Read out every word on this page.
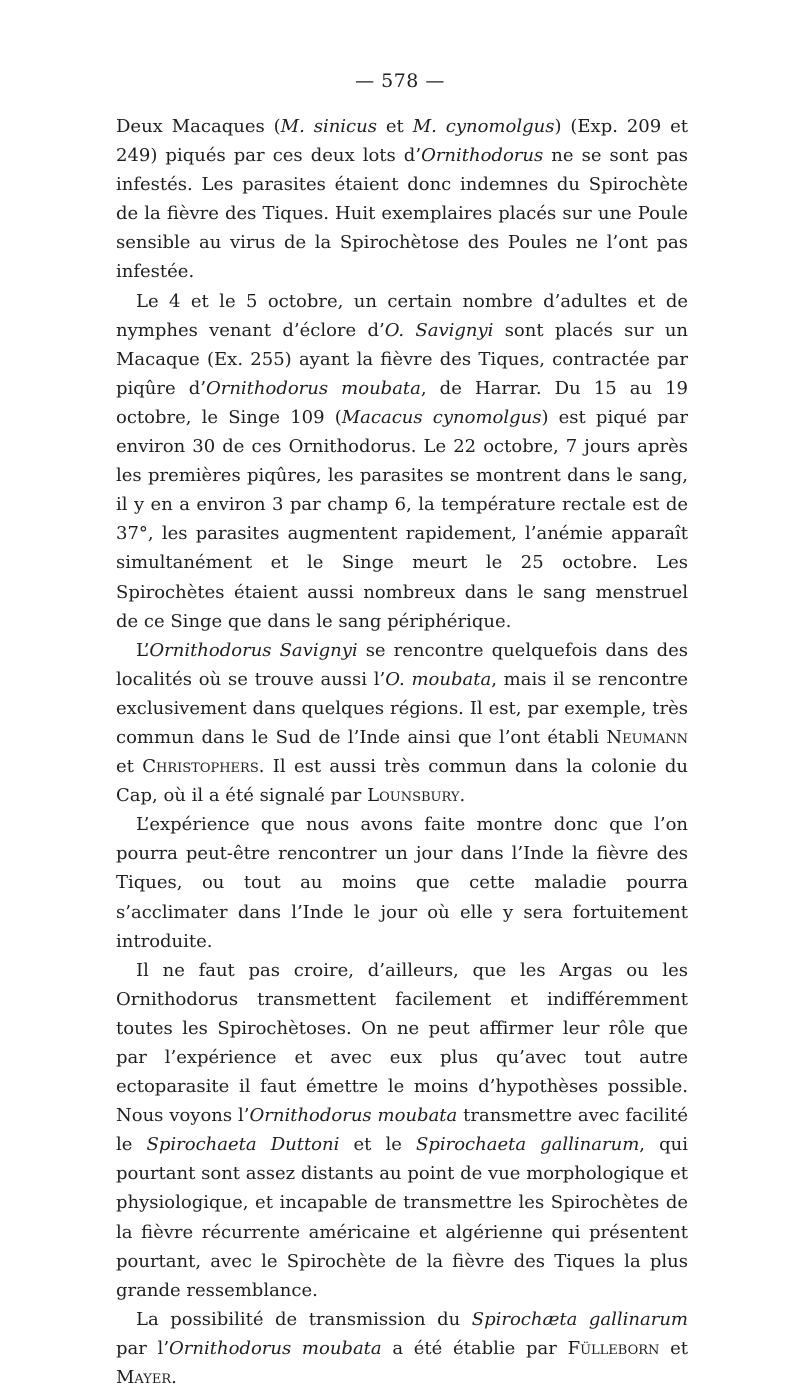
— 578 —

Deux Macaques (M. sinicus et M. cynomolgus) (Exp. 209 et 249) piqués par ces deux lots d’Ornithodorus ne se sont pas infestés. Les parasites étaient donc indemnes du Spirochète de la fièvre des Tiques. Huit exemplaires placés sur une Poule sensible au virus de la Spirochètose des Poules ne l’ont pas infestée.

Le 4 et le 5 octobre, un certain nombre d’adultes et de nymphes venant d’éclore d’O. Savignyi sont placés sur un Macaque (Ex. 255) ayant la fièvre des Tiques, contractée par piqûre d’Ornithodorus moubata, de Harrar. Du 15 au 19 octobre, le Singe 109 (Macacus cynomolgus) est piqué par environ 30 de ces Ornithodorus. Le 22 octobre, 7 jours après les premières piqûres, les parasites se montrent dans le sang, il y en a environ 3 par champ 6, la température rectale est de 37°, les parasites augmentent rapidement, l’anémie apparaît simultanément et le Singe meurt le 25 octobre. Les Spirochètes étaient aussi nombreux dans le sang menstruel de ce Singe que dans le sang périphérique.

L’Ornithodorus Savignyi se rencontre quelquefois dans des localités où se trouve aussi l’O. moubata, mais il se rencontre exclusivement dans quelques régions. Il est, par exemple, très commun dans le Sud de l’Inde ainsi que l’ont établi Neumann et Christophers. Il est aussi très commun dans la colonie du Cap, où il a été signalé par Lounsbury.

L’expérience que nous avons faite montre donc que l’on pourra peut-être rencontrer un jour dans l’Inde la fièvre des Tiques, ou tout au moins que cette maladie pourra s’acclimater dans l’Inde le jour où elle y sera fortuitement introduite.

Il ne faut pas croire, d’ailleurs, que les Argas ou les Ornithodorus transmettent facilement et indifféremment toutes les Spirochètoses. On ne peut affirmer leur rôle que par l’expérience et avec eux plus qu’avec tout autre ectoparasite il faut émettre le moins d’hypothèses possible. Nous voyons l’Ornithodorus moubata transmettre avec facilité le Spirochaeta Duttoni et le Spirochaeta gallinarum, qui pourtant sont assez distants au point de vue morphologique et physiologique, et incapable de transmettre les Spirochètes de la fièvre récurrente américaine et algérienne qui présentent pourtant, avec le Spirochète de la fièvre des Tiques la plus grande ressemblance.

La possibilité de transmission du Spirochæta gallinarum par l’Ornithodorus moubata a été établie par Fülleborn et Mayer.
